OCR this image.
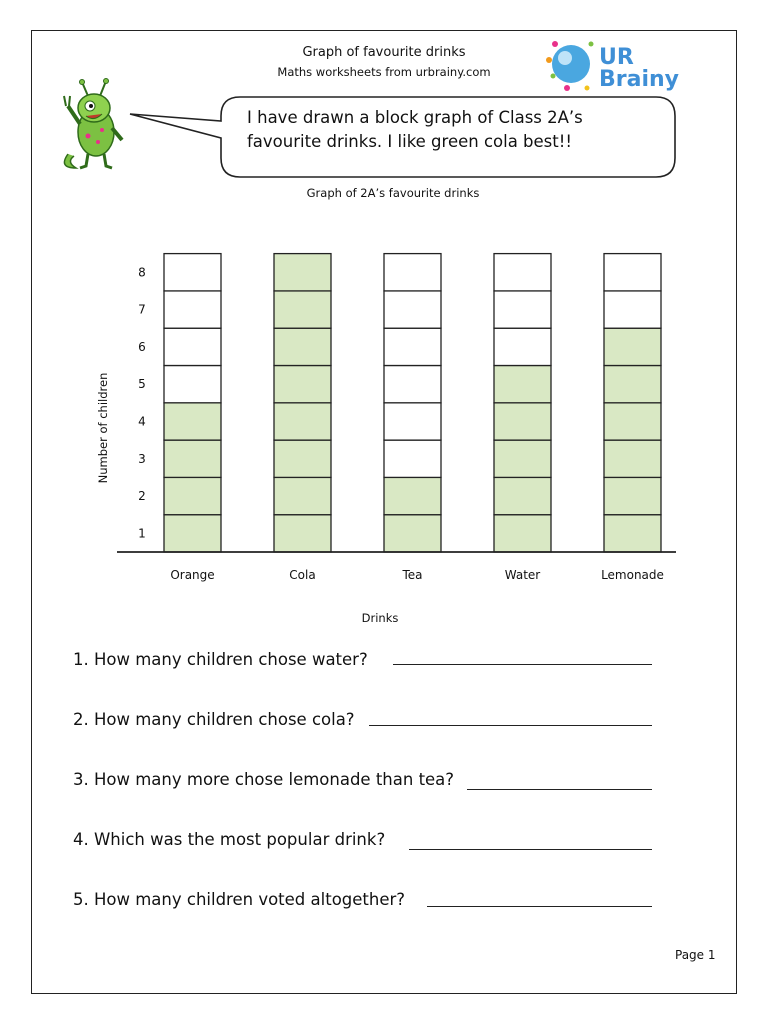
Graph of favourite drinks
Maths worksheets from urbrainy.com
UR
Brainy
I have drawn a block graph of Class 2A’s
favourite drinks. I like green cola best!!
Graph of 2A’s favourite drinks
Orange	Cola	Tea	Water	Lemonade
1
2
3
4
5
6
7
8
Drinks
Number of children
1. How many children chose water?
2. How many children chose cola?
3. How many more chose lemonade than tea?
4. Which was the most popular drink?
5. How many children voted altogether?
Page 1
